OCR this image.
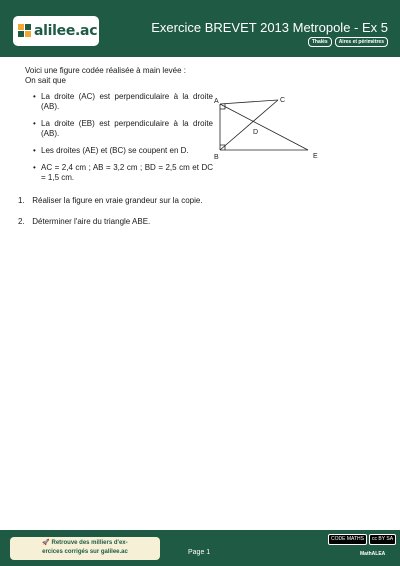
alilee.ac	Exercice BREVET 2013 Metropole - Ex 5
Thalès	Aires et périmètres
Voici une figure codée réalisée à main levée :
On sait que
• La droite (AC) est perpendiculaire à la droite (AB).
• La droite (EB) est perpendiculaire à la droite (AB).
• Les droites (AE) et (BC) se coupent en D.
• AC = 2,4 cm ; AB = 3,2 cm ; BD = 2,5 cm et DC = 1,5 cm.
A	C
D
B	E
1. Réaliser la figure en vraie grandeur sur la copie.
2. Déterminer l'aire du triangle ABE.
🚀 Retrouve des milliers d'ex-
ercices corrigés sur galilee.ac	Page 1
CODE MATHS	cc BY SA
MathALEA
